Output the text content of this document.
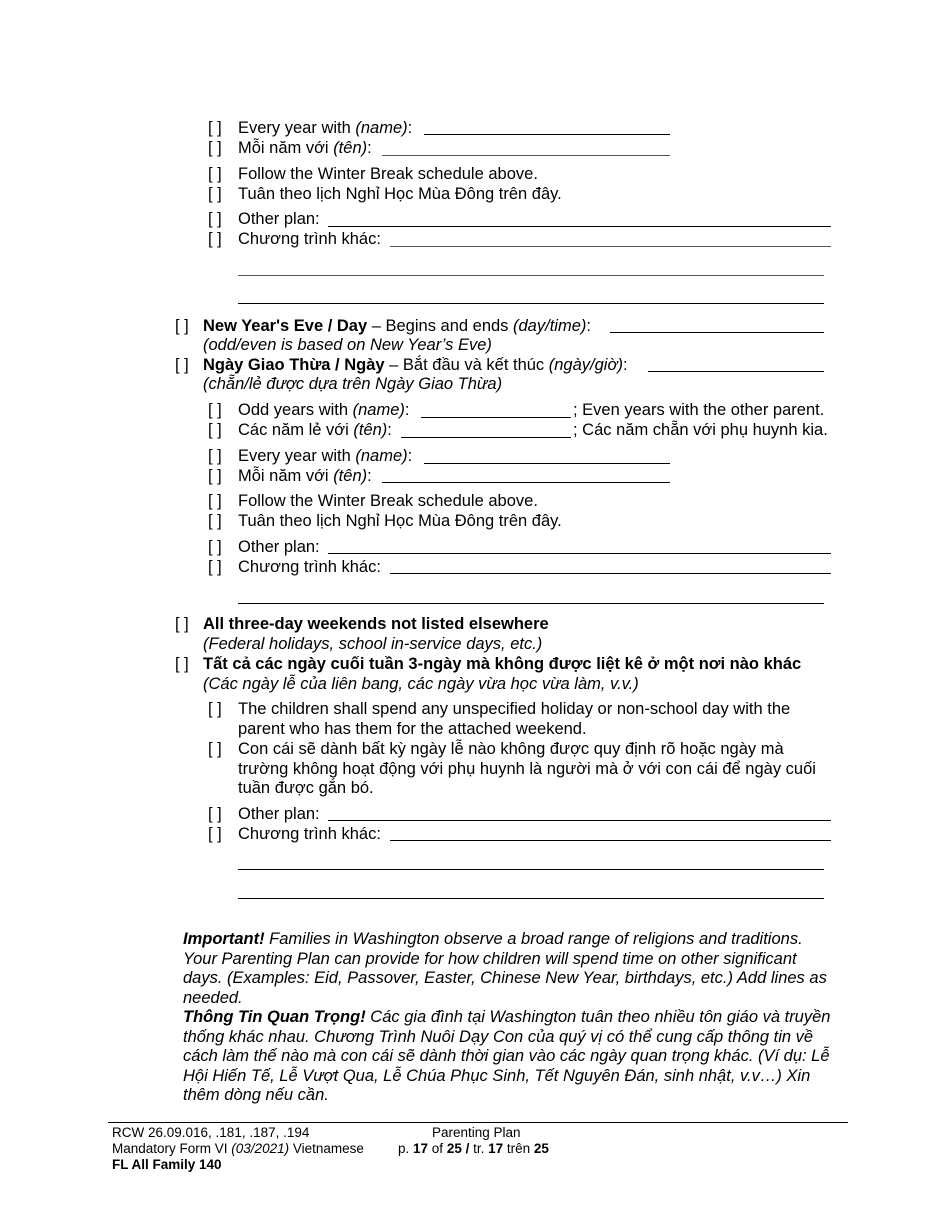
[ ] Every year with (name):
[ ] Mỗi năm với (tên):
[ ] Follow the Winter Break schedule above.
[ ] Tuân theo lịch Nghỉ Học Mùa Đông trên đây.
[ ] Other plan:
[ ] Chương trình khác:
[ ] New Year's Eve / Day – Begins and ends (day/time):
(odd/even is based on New Year’s Eve)
[ ] Ngày Giao Thừa / Ngày – Bắt đầu và kết thúc (ngày/giờ):
(chẵn/lẻ được dựa trên Ngày Giao Thừa)
[ ] Odd years with (name):	; Even years with the other parent.
[ ] Các năm lẻ với (tên):	; Các năm chẵn với phụ huynh kia.
[ ] Every year with (name):
[ ] Mỗi năm với (tên):
[ ] Follow the Winter Break schedule above.
[ ] Tuân theo lịch Nghỉ Học Mùa Đông trên đây.
[ ] Other plan:
[ ] Chương trình khác:
[ ] All three-day weekends not listed elsewhere
(Federal holidays, school in-service days, etc.)
[ ] Tất cả các ngày cuối tuần 3-ngày mà không được liệt kê ở một nơi nào khác
(Các ngày lễ của liên bang, các ngày vừa học vừa làm, v.v.)
[ ] The children shall spend any unspecified holiday or non-school day with the
parent who has them for the attached weekend.
[ ] Con cái sẽ dành bất kỳ ngày lễ nào không được quy định rõ hoặc ngày mà
trường không hoạt động với phụ huynh là người mà ở với con cái để ngày cuối
tuần được gắn bó.
[ ] Other plan:
[ ] Chương trình khác:
Important! Families in Washington observe a broad range of religions and traditions. Your Parenting Plan can provide for how children will spend time on other significant days. (Examples: Eid, Passover, Easter, Chinese New Year, birthdays, etc.) Add lines as needed.
Thông Tin Quan Trọng! Các gia đình tại Washington tuân theo nhiều tôn giáo và truyền thống khác nhau. Chương Trình Nuôi Dạy Con của quý vị có thể cung cấp thông tin về cách làm thế nào mà con cái sẽ dành thời gian vào các ngày quan trọng khác. (Ví dụ: Lễ Hội Hiến Tế, Lễ Vượt Qua, Lễ Chúa Phục Sinh, Tết Nguyên Đán, sinh nhật, v.v…) Xin thêm dòng nếu cần.
RCW 26.09.016, .181, .187, .194
Mandatory Form VI (03/2021) Vietnamese
FL All Family 140
Parenting Plan
p. 17 of 25 / tr. 17 trên 25
